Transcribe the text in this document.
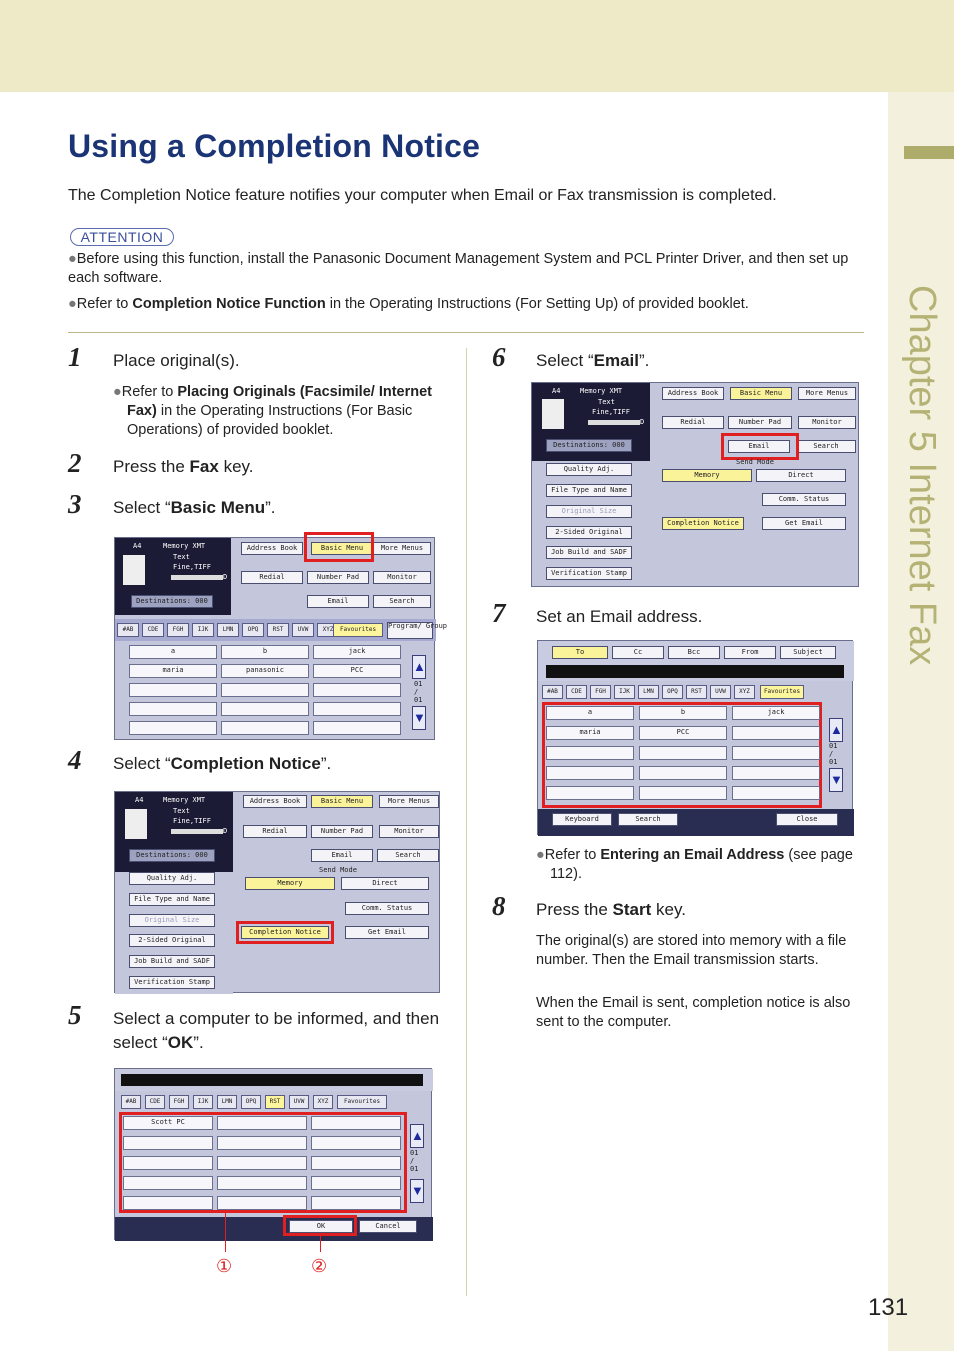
Chapter 5 Internet Fax
Using a Completion Notice
The Completion Notice feature notifies your computer when Email or Fax transmission is completed.
ATTENTION
●Before using this function, install the Panasonic Document Management System and PCL Printer Driver, and then set up each software.
●Refer to Completion Notice Function in the Operating Instructions (For Setting Up) of provided booklet.
1 Place original(s).
●Refer to Placing Originals (Facsimile/ Internet Fax) in the Operating Instructions (For Basic Operations) of provided booklet.
2 Press the Fax key.
3 Select “Basic Menu”.
A4	Memory XMT
Text
Fine,TIFF
D
Destinations: 000
Address Book	Basic Menu	More Menus
Redial	Number Pad	Monitor
Email	Search
Program/ Group
▲
01
/
01
▼
#AB	CDE	FGH	IJK	LMN	OPQ	RST	UVW	XYZ	Favourites
a	b	jack
maria	panasonic	PCC
4 Select “Completion Notice”.
A4	Memory XMT
Text
Fine,TIFF
D
Destinations: 000
Quality Adj.
File Type and Name
Original Size
2-Sided Original
Job Build and SADF
Verification Stamp
Address Book	Basic Menu	More Menus
Redial	Number Pad	Monitor
Email	Search
Send Mode
Memory	Direct
Comm. Status
Completion Notice	Get Email
5 Select a computer to be informed, and then select “OK”.
▲
01
/
01
▼
OK	Cancel
#AB	CDE	FGH	IJK	LMN	OPQ	RST	UVW	XYZ	Favourites
Scott PC
①	②
6 Select “Email”.
A4	Memory XMT
Text
Fine,TIFF
D
Destinations: 000
Quality Adj.
File Type and Name
Original Size
2-Sided Original
Job Build and SADF
Verification Stamp
Address Book	Basic Menu	More Menus
Redial	Number Pad	Monitor
Email	Search
Send Mode
Memory	Direct
Comm. Status
Completion Notice	Get Email
7 Set an Email address.
To	Cc	Bcc	From	Subject
▲
01
/
01
▼
Keyboard	Search	Close
#AB	CDE	FGH	IJK	LMN	OPQ	RST	UVW	XYZ	Favourites
a	b	jack
maria	PCC
●Refer to Entering an Email Address (see page 112).
8 Press the Start key.
The original(s) are stored into memory with a file number. Then the Email transmission starts.
When the Email is sent, completion notice is also sent to the computer.
131
